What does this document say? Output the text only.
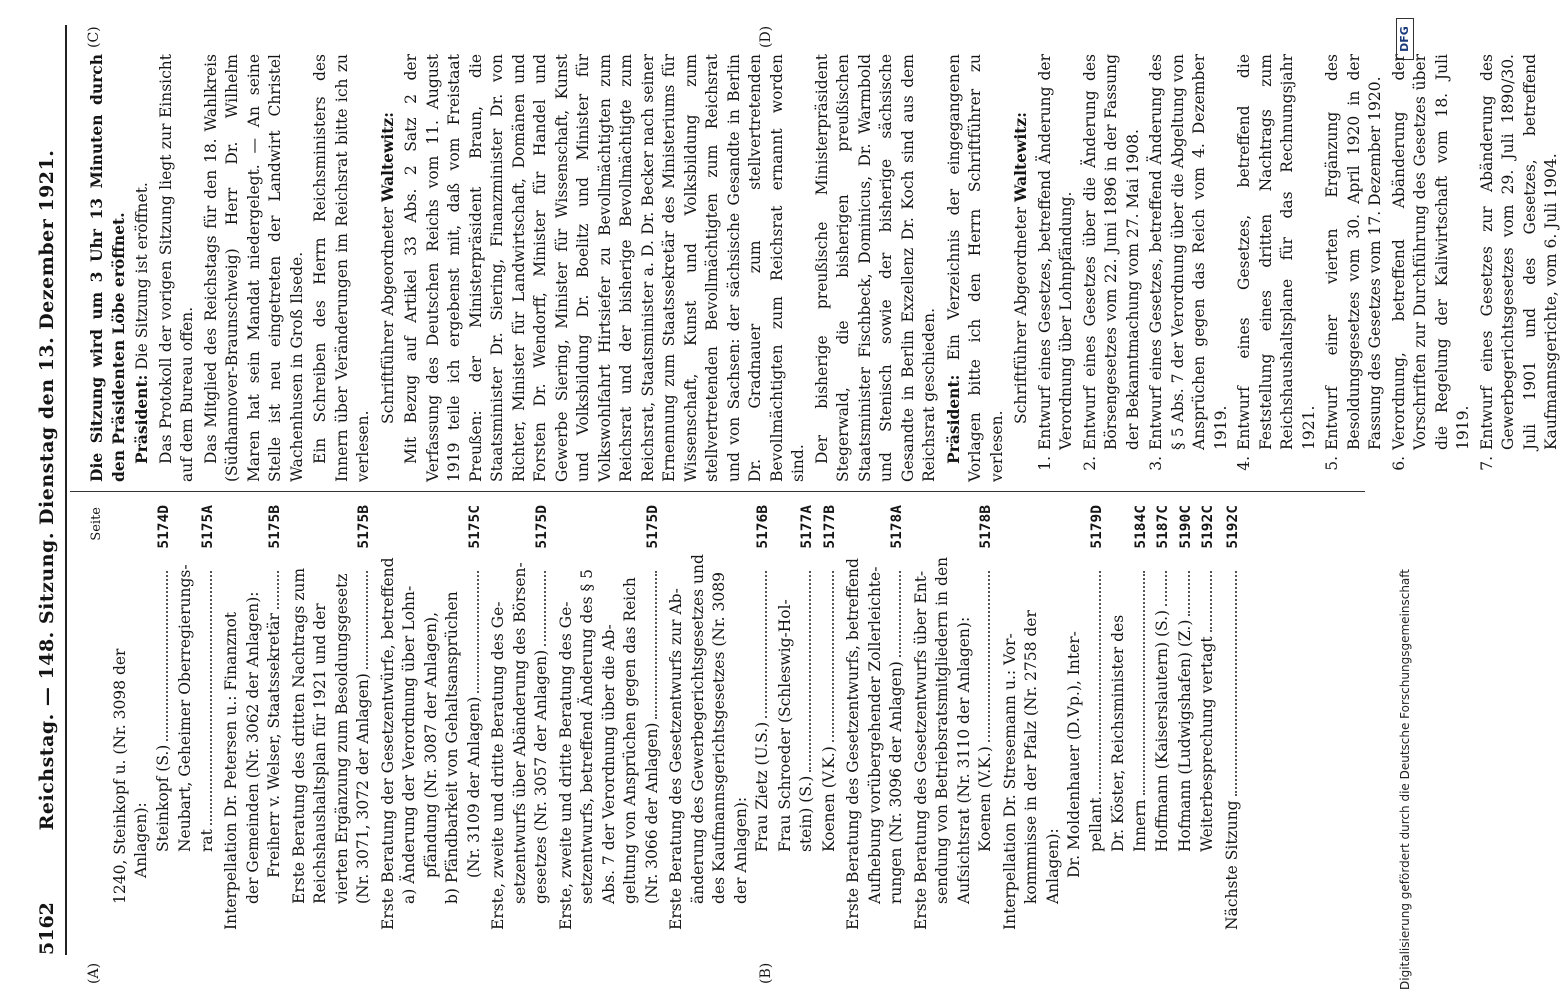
5162
Reichstag. — 148. Sitzung. Dienstag den 13. Dezember 1921.
(A)	(B)
(C)	(D)
Seite
1240, Steinkopf u. (Nr. 3098 der Anlagen): Steinkopf (S.)
5174D
Neubart, Geheimer Oberregierungs- rat
5175A
Interpellation Dr. Petersen u.: Finanznot der Gemeinden (Nr. 3062 der Anlagen): Freiherr v. Welser, Staatssekretär
5175B
Erste Beratung des dritten Nachtrags zum Reichshaushaltsplan für 1921 und der vierten Ergänzung zum Besoldungsgesetz (Nr. 3071, 3072 der Anlagen)
5175B
Erste Beratung der Gesetzentwürfe, betreffend a) Änderung der Verordnung über Lohn- pfändung (Nr. 3087 der Anlagen), b) Pfändbarkeit von Gehaltsansprüchen (Nr. 3109 der Anlagen)
5175C
Erste, zweite und dritte Beratung des Ge- setzentwurfs über Abänderung des Börsen- gesetzes (Nr. 3057 der Anlagen)
5175D
Erste, zweite und dritte Beratung des Ge- setzentwurfs, betreffend Änderung des § 5 Abs. 7 der Verordnung über die Ab- geltung von Ansprüchen gegen das Reich (Nr. 3066 der Anlagen)
5175D
Erste Beratung des Gesetzentwurfs zur Ab- änderung des Gewerbegerichtsgesetzes und des Kaufmannsgerichtsgesetzes (Nr. 3089 der Anlagen): Frau Zietz (U.S.)
5176B
Frau Schroeder (Schleswig-Hol- stein) (S.)
5177A
Koenen (V.K.)
5177B
Erste Beratung des Gesetzentwurfs, betreffend Aufhebung vorübergehender Zollerleichte- rungen (Nr. 3096 der Anlagen)
5178A
Erste Beratung des Gesetzentwurfs über Ent- sendung von Betriebsratsmitgliedern in den Aufsichtsrat (Nr. 3110 der Anlagen): Koenen (V.K.)
5178B
Interpellation Dr. Stresemann u.: Vor- kommnisse in der Pfalz (Nr. 2758 der Anlagen): Dr. Moldenhauer (D.Vp.), Inter- pellant
5179D
Dr. Köster, Reichsminister des Innern
5184C
Hoffmann (Kaiserslautern) (S.)
5187C
Hofmann (Ludwigshafen) (Z.)
5190C
Weiterbesprechung vertagt
5192C
Nächste Sitzung
5192C

Die Sitzung wird um 3 Uhr 13 Minuten durch den Präsidenten Löbe eröffnet. Präsident: Die Sitzung ist eröffnet. Das Protokoll der vorigen Sitzung liegt zur Einsicht auf dem Bureau offen. Das Mitglied des Reichstags für den 18. Wahlkreis (Südhannover-Braunschweig) Herr Dr. Wilhelm Maren hat sein Mandat niedergelegt. — An seine Stelle ist neu eingetreten der Landwirt Christel Wachenhusen in Groß Ilsede. Ein Schreiben des Herrn Reichsministers des Innern über Veränderungen im Reichsrat bitte ich zu verlesen.

Schriftführer Abgeordneter Waltewitz: Mit Bezug auf Artikel 33 Abs. 2 Satz 2 der Verfassung des Deutschen Reichs vom 11. August 1919 teile ich ergebenst mit, daß vom Freistaat Preußen: der Ministerpräsident Braun, die Staatsminister Dr. Siering, Finanzminister Dr. von Richter, Minister für Landwirtschaft, Domänen und Forsten Dr. Wendorff, Minister für Handel und Gewerbe Siering, Minister für Wissenschaft, Kunst und Volksbildung Dr. Boelitz und Minister für Volkswohlfahrt Hirtsiefer zu Bevollmächtigten zum Reichsrat und der bisherige Bevollmächtigte zum Reichsrat, Staatsminister a. D. Dr. Becker nach seiner Ernennung zum Staatssekretär des Ministeriums für Wissenschaft, Kunst und Volksbildung zum stellvertretenden Bevollmächtigten zum Reichsrat und von Sachsen: der sächsische Gesandte in Berlin Dr. Gradnauer zum stellvertretenden Bevollmächtigten zum Reichsrat ernannt worden sind. Der bisherige preußische Ministerpräsident Stegerwald, die bisherigen preußischen Staatsminister Fischbeck, Dominicus, Dr. Warmbold und Stenisch sowie der bisherige sächsische Gesandte in Berlin Exzellenz Dr. Koch sind aus dem Reichsrat geschieden. Präsident: Ein Verzeichnis der eingegangenen Vorlagen bitte ich den Herrn Schriftführer zu verlesen.

Schriftführer Abgeordneter Waltewitz:

1.
Entwurf eines Gesetzes, betreffend Änderung der Verordnung über Lohnpfändung.
2.
Entwurf eines Gesetzes über die Änderung des Börsengesetzes vom 22. Juni 1896 in der Fassung der Bekanntmachung vom 27. Mai 1908.
3.
Entwurf eines Gesetzes, betreffend Änderung des § 5 Abs. 7 der Verordnung über die Abgeltung von Ansprüchen gegen das Reich vom 4. Dezember 1919.
4.
Entwurf eines Gesetzes, betreffend die Feststellung eines dritten Nachtrags zum Reichshaushaltsplane für das Rechnungsjahr 1921.
5.
Entwurf einer vierten Ergänzung des Besoldungsgesetzes vom 30. April 1920 in der Fassung des Gesetzes vom 17. Dezember 1920.
6.
Verordnung, betreffend Abänderung der Vorschriften zur Durchführung des Gesetzes über die Regelung der Kaliwirtschaft vom 18. Juli 1919.
7.
Entwurf eines Gesetzes zur Abänderung des Gewerbegerichtsgesetzes vom 29. Juli 1890/30. Juli 1901 und des Gesetzes, betreffend Kaufmannsgerichte, vom 6. Juli 1904.
Digitalisierung gefördert durch die Deutsche Forschungsgemeinschaft
DFG
